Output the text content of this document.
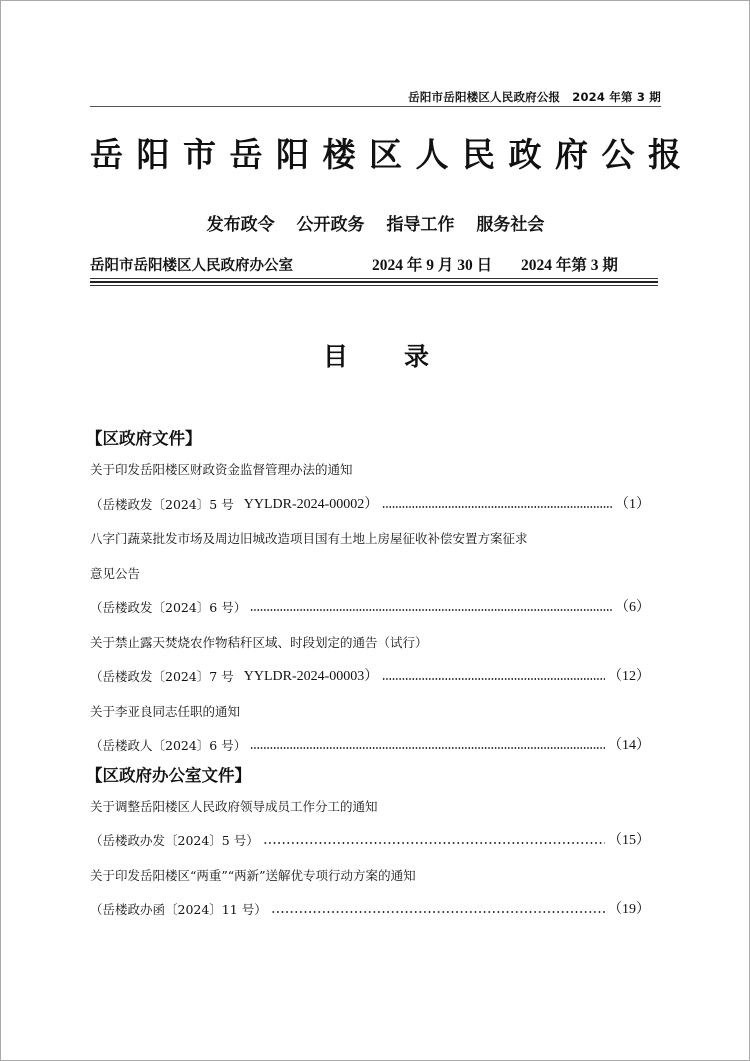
岳阳市岳阳楼区人民政府公报 2024 年第 3 期
岳阳市岳阳楼区人民政府公报
发布政令 公开政务 指导工作 服务社会
岳阳市岳阳楼区人民政府办公室	2024 年 9 月 30 日 2024 年第 3 期
目 录
【区政府文件】
关于印发岳阳楼区财政资金监督管理办法的通知
（岳楼政发〔2024〕5 号 YYLDR-2024-00002）	（1）
八字门蔬菜批发市场及周边旧城改造项目国有土地上房屋征收补偿安置方案征求
意见公告
（岳楼政发〔2024〕6 号）	（6）
关于禁止露天焚烧农作物秸秆区域、时段划定的通告（试行）
（岳楼政发〔2024〕7 号 YYLDR-2024-00003）	（12）
关于李亚良同志任职的通知
（岳楼政人〔2024〕6 号）	（14）
【区政府办公室文件】
关于调整岳阳楼区人民政府领导成员工作分工的通知
（岳楼政办发〔2024〕5 号）	（15）
关于印发岳阳楼区“两重”“两新”送解优专项行动方案的通知
（岳楼政办函〔2024〕11 号）	（19）
